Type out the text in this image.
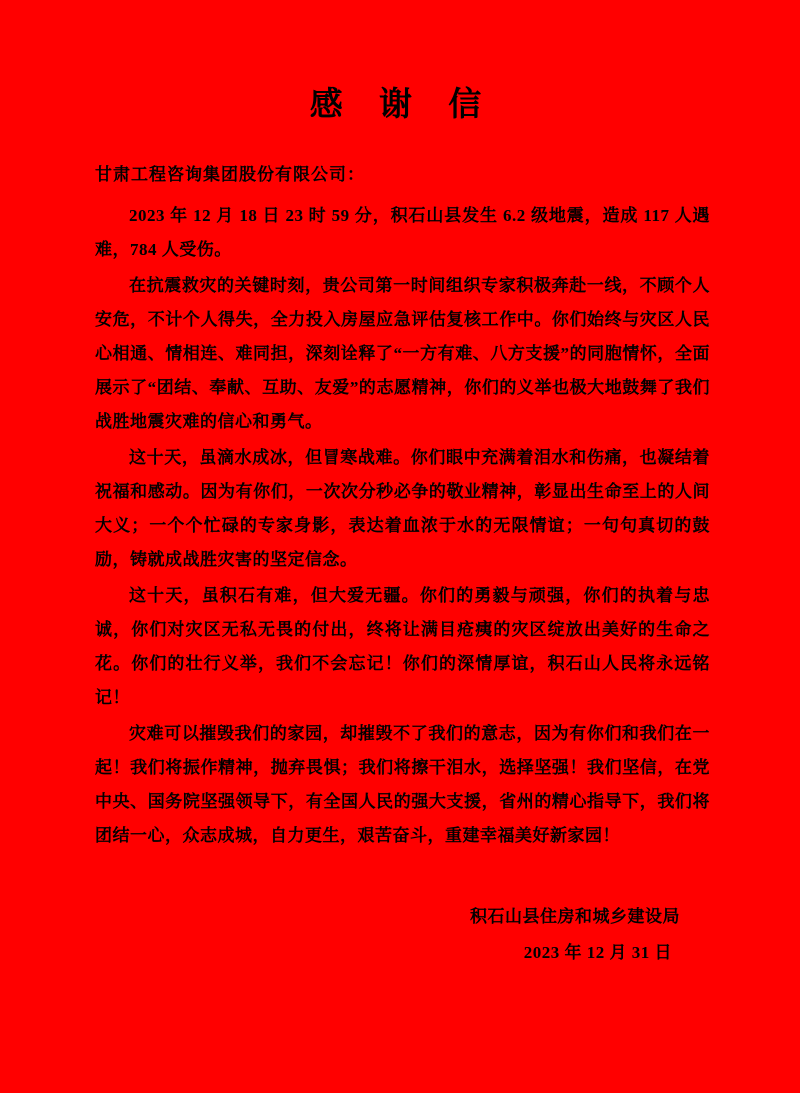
感 谢 信
甘肃工程咨询集团股份有限公司：

2023 年 12 月 18 日 23 时 59 分，积石山县发生 6.2 级地震，造成 117 人遇难，784 人受伤。

在抗震救灾的关键时刻，贵公司第一时间组织专家积极奔赴一线，不顾个人安危，不计个人得失，全力投入房屋应急评估复核工作中。你们始终与灾区人民心相通、情相连、难同担，深刻诠释了“一方有难、八方支援”的同胞情怀，全面展示了“团结、奉献、互助、友爱”的志愿精神，你们的义举也极大地鼓舞了我们战胜地震灾难的信心和勇气。

这十天，虽滴水成冰，但冒寒战难。你们眼中充满着泪水和伤痛，也凝结着祝福和感动。因为有你们，一次次分秒必争的敬业精神，彰显出生命至上的人间大义；一个个忙碌的专家身影，表达着血浓于水的无限情谊；一句句真切的鼓励，铸就成战胜灾害的坚定信念。

这十天，虽积石有难，但大爱无疆。你们的勇毅与顽强，你们的执着与忠诚，你们对灾区无私无畏的付出，终将让满目疮痍的灾区绽放出美好的生命之花。你们的壮行义举，我们不会忘记！你们的深情厚谊，积石山人民将永远铭记！

灾难可以摧毁我们的家园，却摧毁不了我们的意志，因为有你们和我们在一起！我们将振作精神，抛弃畏惧；我们将擦干泪水，选择坚强！我们坚信，在党中央、国务院坚强领导下，有全国人民的强大支援，省州的精心指导下，我们将团结一心，众志成城，自力更生，艰苦奋斗，重建幸福美好新家园！

积石山县住房和城乡建设局
2023 年 12 月 31 日
